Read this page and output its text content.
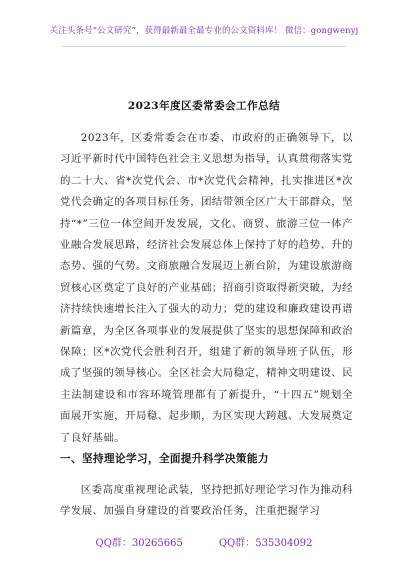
关注头条号“公文研究”，获得最新最全最专业的公文资料库！ 微信：gongwenyj
2023年度区委常委会工作总结

2023年，区委常委会在市委、市政府的正确领导下，以习近平新时代中国特色社会主义思想为指导，认真贯彻落实党的二十大、省*次党代会、市*次党代会精神，扎实推进区*次党代会确定的各项目标任务，团结带领全区广大干部群众，坚持“*”三位一体空间开发发展，文化、商贸、旅游三位一体产业融合发展思路，经济社会发展总体上保持了好的趋势、升的态势、强的气势。文商旅融合发展迈上新台阶，为建设旅游商贸核心区奠定了良好的产业基础；招商引资取得新突破，为经济持续快速增长注入了强大的动力；党的建设和廉政建设再谱新篇章，为全区各项事业的发展提供了坚实的思想保障和政治保障；区*次党代会胜利召开，组建了新的领导班子队伍，形成了坚强的领导核心。全区社会大局稳定，精神文明建设、民主法制建设和市容环境管理都有了新提升，“十四五”规划全面展开实施，开局稳、起步顺，为区实现大跨越、大发展奠定了良好基础。

一、坚持理论学习，全面提升科学决策能力

区委高度重视理论武装，坚持把抓好理论学习作为推动科学发展、加强自身建设的首要政治任务，注重把握学习

QQ群：30265665	QQ群：535304092
